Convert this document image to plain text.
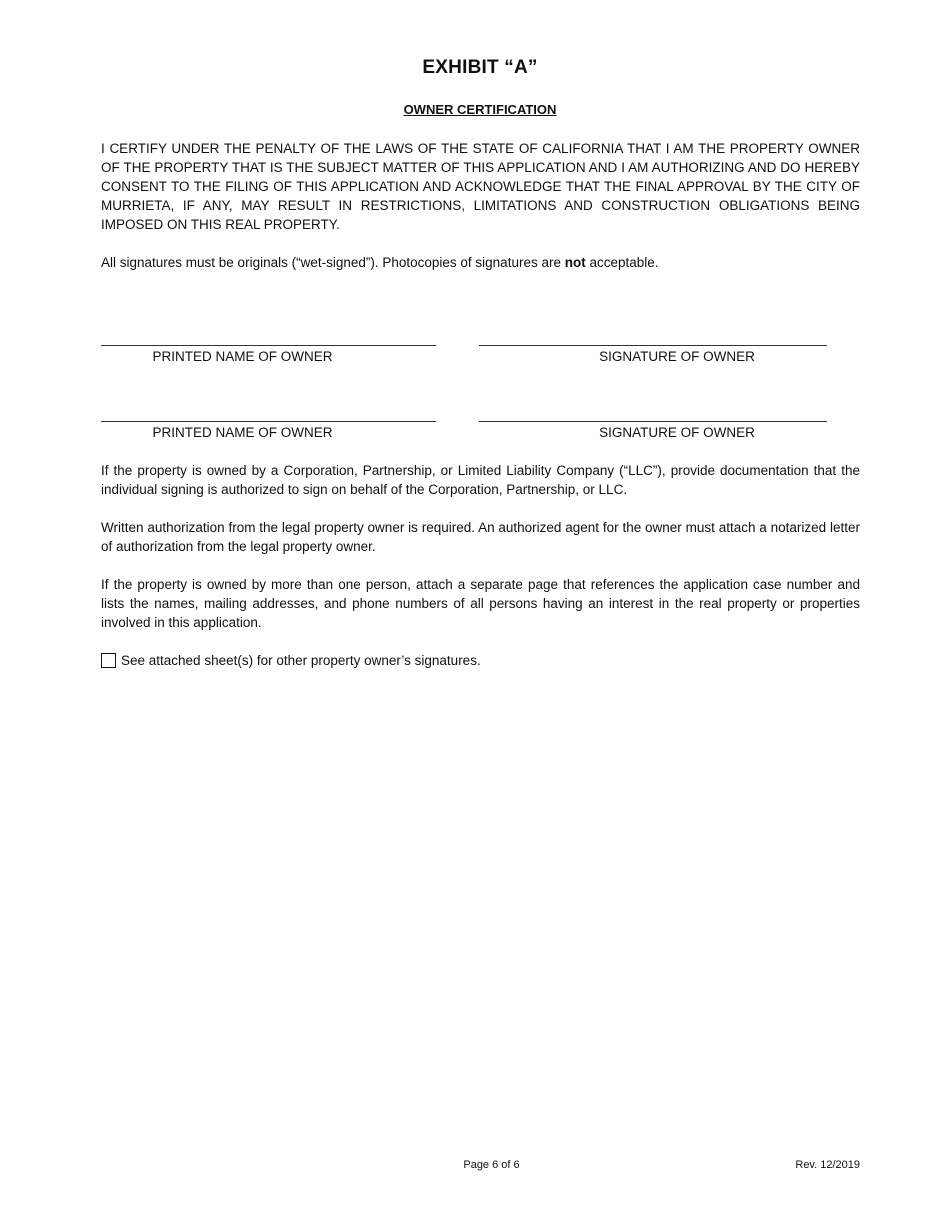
EXHIBIT “A”
OWNER CERTIFICATION
I CERTIFY UNDER THE PENALTY OF THE LAWS OF THE STATE OF CALIFORNIA THAT I AM THE PROPERTY OWNER OF THE PROPERTY THAT IS THE SUBJECT MATTER OF THIS APPLICATION AND I AM AUTHORIZING AND DO HEREBY CONSENT TO THE FILING OF THIS APPLICATION AND ACKNOWLEDGE THAT THE FINAL APPROVAL BY THE CITY OF MURRIETA, IF ANY, MAY RESULT IN RESTRICTIONS, LIMITATIONS AND CONSTRUCTION OBLIGATIONS BEING IMPOSED ON THIS REAL PROPERTY.
All signatures must be originals (“wet-signed”). Photocopies of signatures are not acceptable.
PRINTED NAME OF OWNER	SIGNATURE OF OWNER
PRINTED NAME OF OWNER	SIGNATURE OF OWNER
If the property is owned by a Corporation, Partnership, or Limited Liability Company (“LLC”), provide documentation that the individual signing is authorized to sign on behalf of the Corporation, Partnership, or LLC.
Written authorization from the legal property owner is required. An authorized agent for the owner must attach a notarized letter of authorization from the legal property owner.
If the property is owned by more than one person, attach a separate page that references the application case number and lists the names, mailing addresses, and phone numbers of all persons having an interest in the real property or properties involved in this application.
See attached sheet(s) for other property owner’s signatures.
Page 6 of 6	Rev. 12/2019
